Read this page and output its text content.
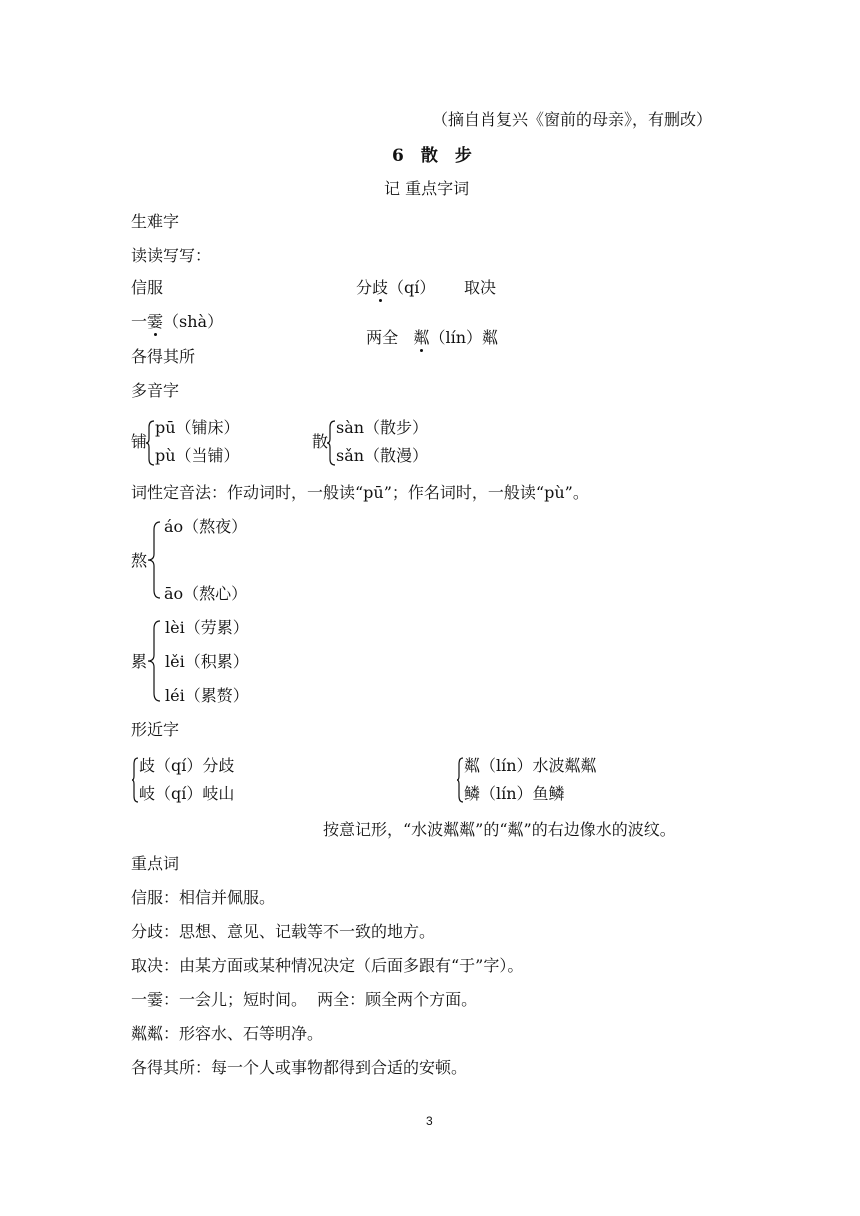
（摘自肖复兴《窗前的母亲》，有删改）
6　散　步
记 重点字词
生难字
读读写写：
信服	分歧（qí） 取决
一霎（shà）

两全   粼（lín）粼

各得其所
多音字
铺
pū（铺床）
pù（当铺）
散
sàn（散步）
sǎn（散漫）
词性定音法：作动词时，一般读“pū”；作名词时，一般读“pù”。
熬
áo（熬夜）
āo（熬心）
累
lèi（劳累）
lěi（积累）
léi（累赘）
形近字
歧（qí）分歧
岐（qí）岐山
粼（lín）水波粼粼
鳞（lín）鱼鳞
按意记形，“水波粼粼”的“粼”的右边像水的波纹。
重点词
信服：相信并佩服。
分歧：思想、意见、记载等不一致的地方。
取决：由某方面或某种情况决定（后面多跟有“于”字）。
一霎：一会儿；短时间。  两全：顾全两个方面。
粼粼：形容水、石等明净。
各得其所：每一个人或事物都得到合适的安顿。
3
